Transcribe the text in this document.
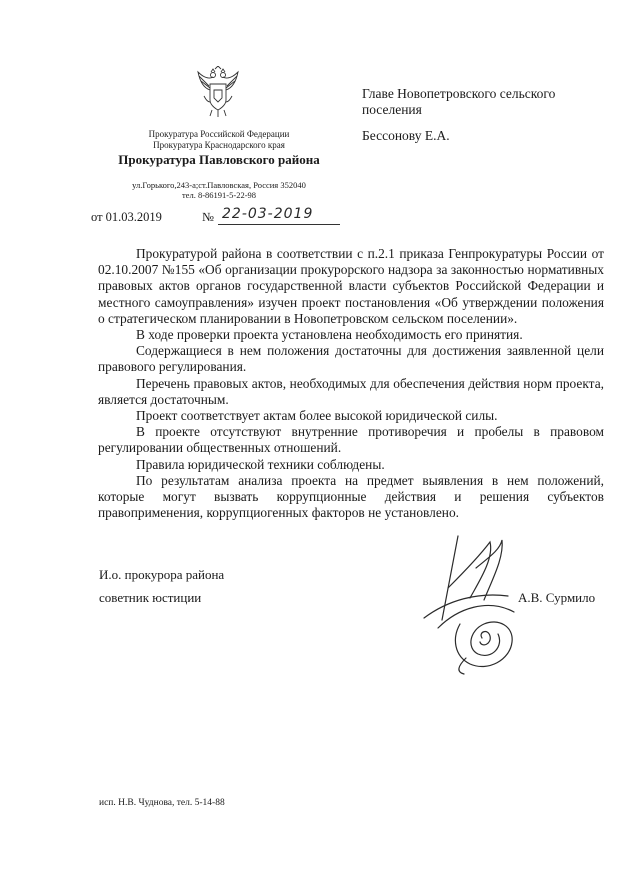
Прокуратура Российской Федерации
Прокуратура Краснодарского края
Прокуратура Павловского района
ул.Горького,243-а;ст.Павловская, Россия 352040
тел. 8-86191-5-22-98
Главе Новопетровского сельского
поселения
Бессонову Е.А.
от 01.03.2019	№ 22-03-2019

Прокуратурой района в соответствии с п.2.1 приказа Генпрокуратуры России от 02.10.2007 №155 «Об организации прокурорского надзора за законностью нормативных правовых актов органов государственной власти субъектов Российской Федерации и местного самоуправления» изучен проект постановления «Об утверждении положения о стратегическом планировании в Новопетровском сельском поселении».

В ходе проверки проекта установлена необходимость его принятия.

Содержащиеся в нем положения достаточны для достижения заявленной цели правового регулирования.

Перечень правовых актов, необходимых для обеспечения действия норм проекта, является достаточным.

Проект соответствует актам более высокой юридической силы.

В проекте отсутствуют внутренние противоречия и пробелы в правовом регулировании общественных отношений.

Правила юридической техники соблюдены.

По результатам анализа проекта на предмет выявления в нем положений, которые могут вызвать коррупционные действия и решения субъектов правоприменения, коррупциогенных факторов не установлено.

И.о. прокурора района
советник юстиции	А.В. Сурмило
исп. Н.В. Чуднова, тел. 5-14-88
